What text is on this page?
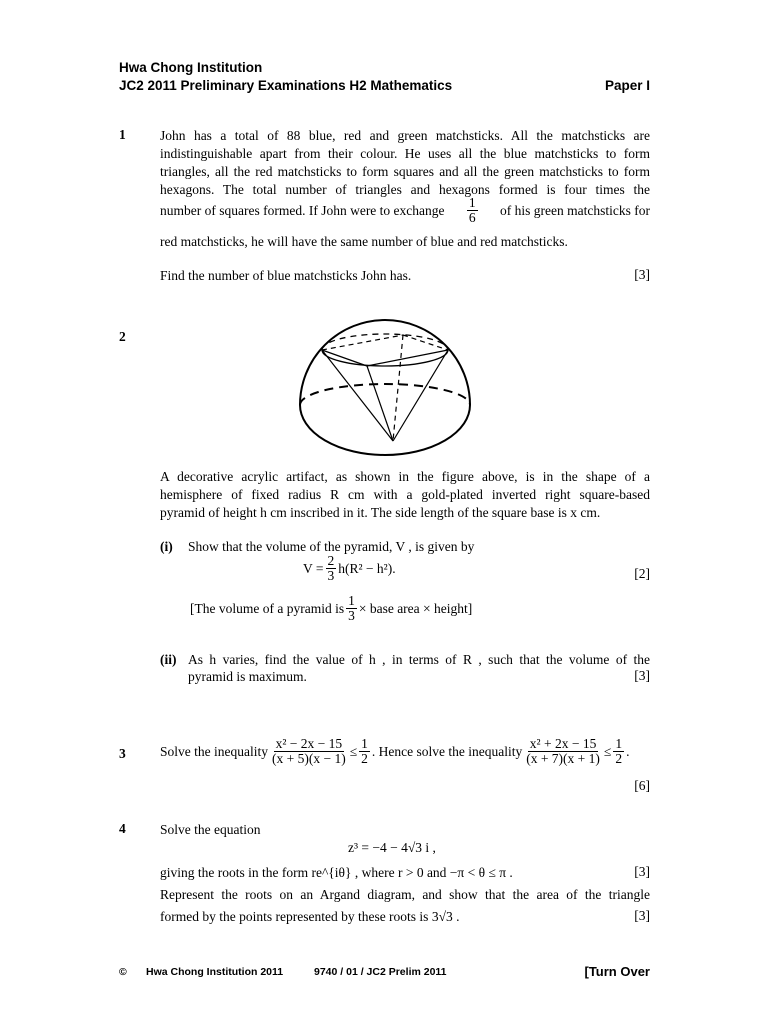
Hwa Chong Institution
JC2 2011 Preliminary Examinations H2 Mathematics	Paper I
1	John has a total of 88 blue, red and green matchsticks. All the matchsticks are
indistinguishable apart from their colour. He uses all the blue matchsticks to form
triangles, all the red matchsticks to form squares and all the green matchsticks to form
hexagons. The total number of triangles and hexagons formed is four times the
number of squares formed. If John were to exchange $\frac{1}{6}$ of his green matchsticks for
red matchsticks, he will have the same number of blue and red matchsticks.
Find the number of blue matchsticks John has.	[3]
2
A decorative acrylic artifact, as shown in the figure above, is in the shape of a
hemisphere of fixed radius R cm with a gold-plated inverted right square-based
pyramid of height h cm inscribed in it. The side length of the square base is x cm.
(i) Show that the volume of the pyramid, V , is given by
$V = \frac{2}{3} h(R^2 - h^2)$.	[2]
[The volume of a pyramid is $\frac{1}{3}$ × base area × height]
(ii) As h varies, find the value of h , in terms of R , such that the volume of the
pyramid is maximum.	[3]
3	Solve the inequality $\frac{\text{x² − 2x − 15}}{(x + 5)(x - 1)} \le \frac{1}{2}$ . Hence solve the inequality $\frac{\text{x² + 2x − 15}}{(x + 7)(x + 1)} \le \frac{1}{2}$ .
[6]
4	Solve the equation
z³ = −4 − 4√3 i ,
giving the roots in the form re^{iθ} , where r > 0 and −π < θ ≤ π .	[3]
Represent the roots on an Argand diagram, and show that the area of the triangle
formed by the points represented by these roots is 3√3 .	[3]
© Hwa Chong Institution 2011	9740 / 01 / JC2 Prelim 2011	[Turn Over
